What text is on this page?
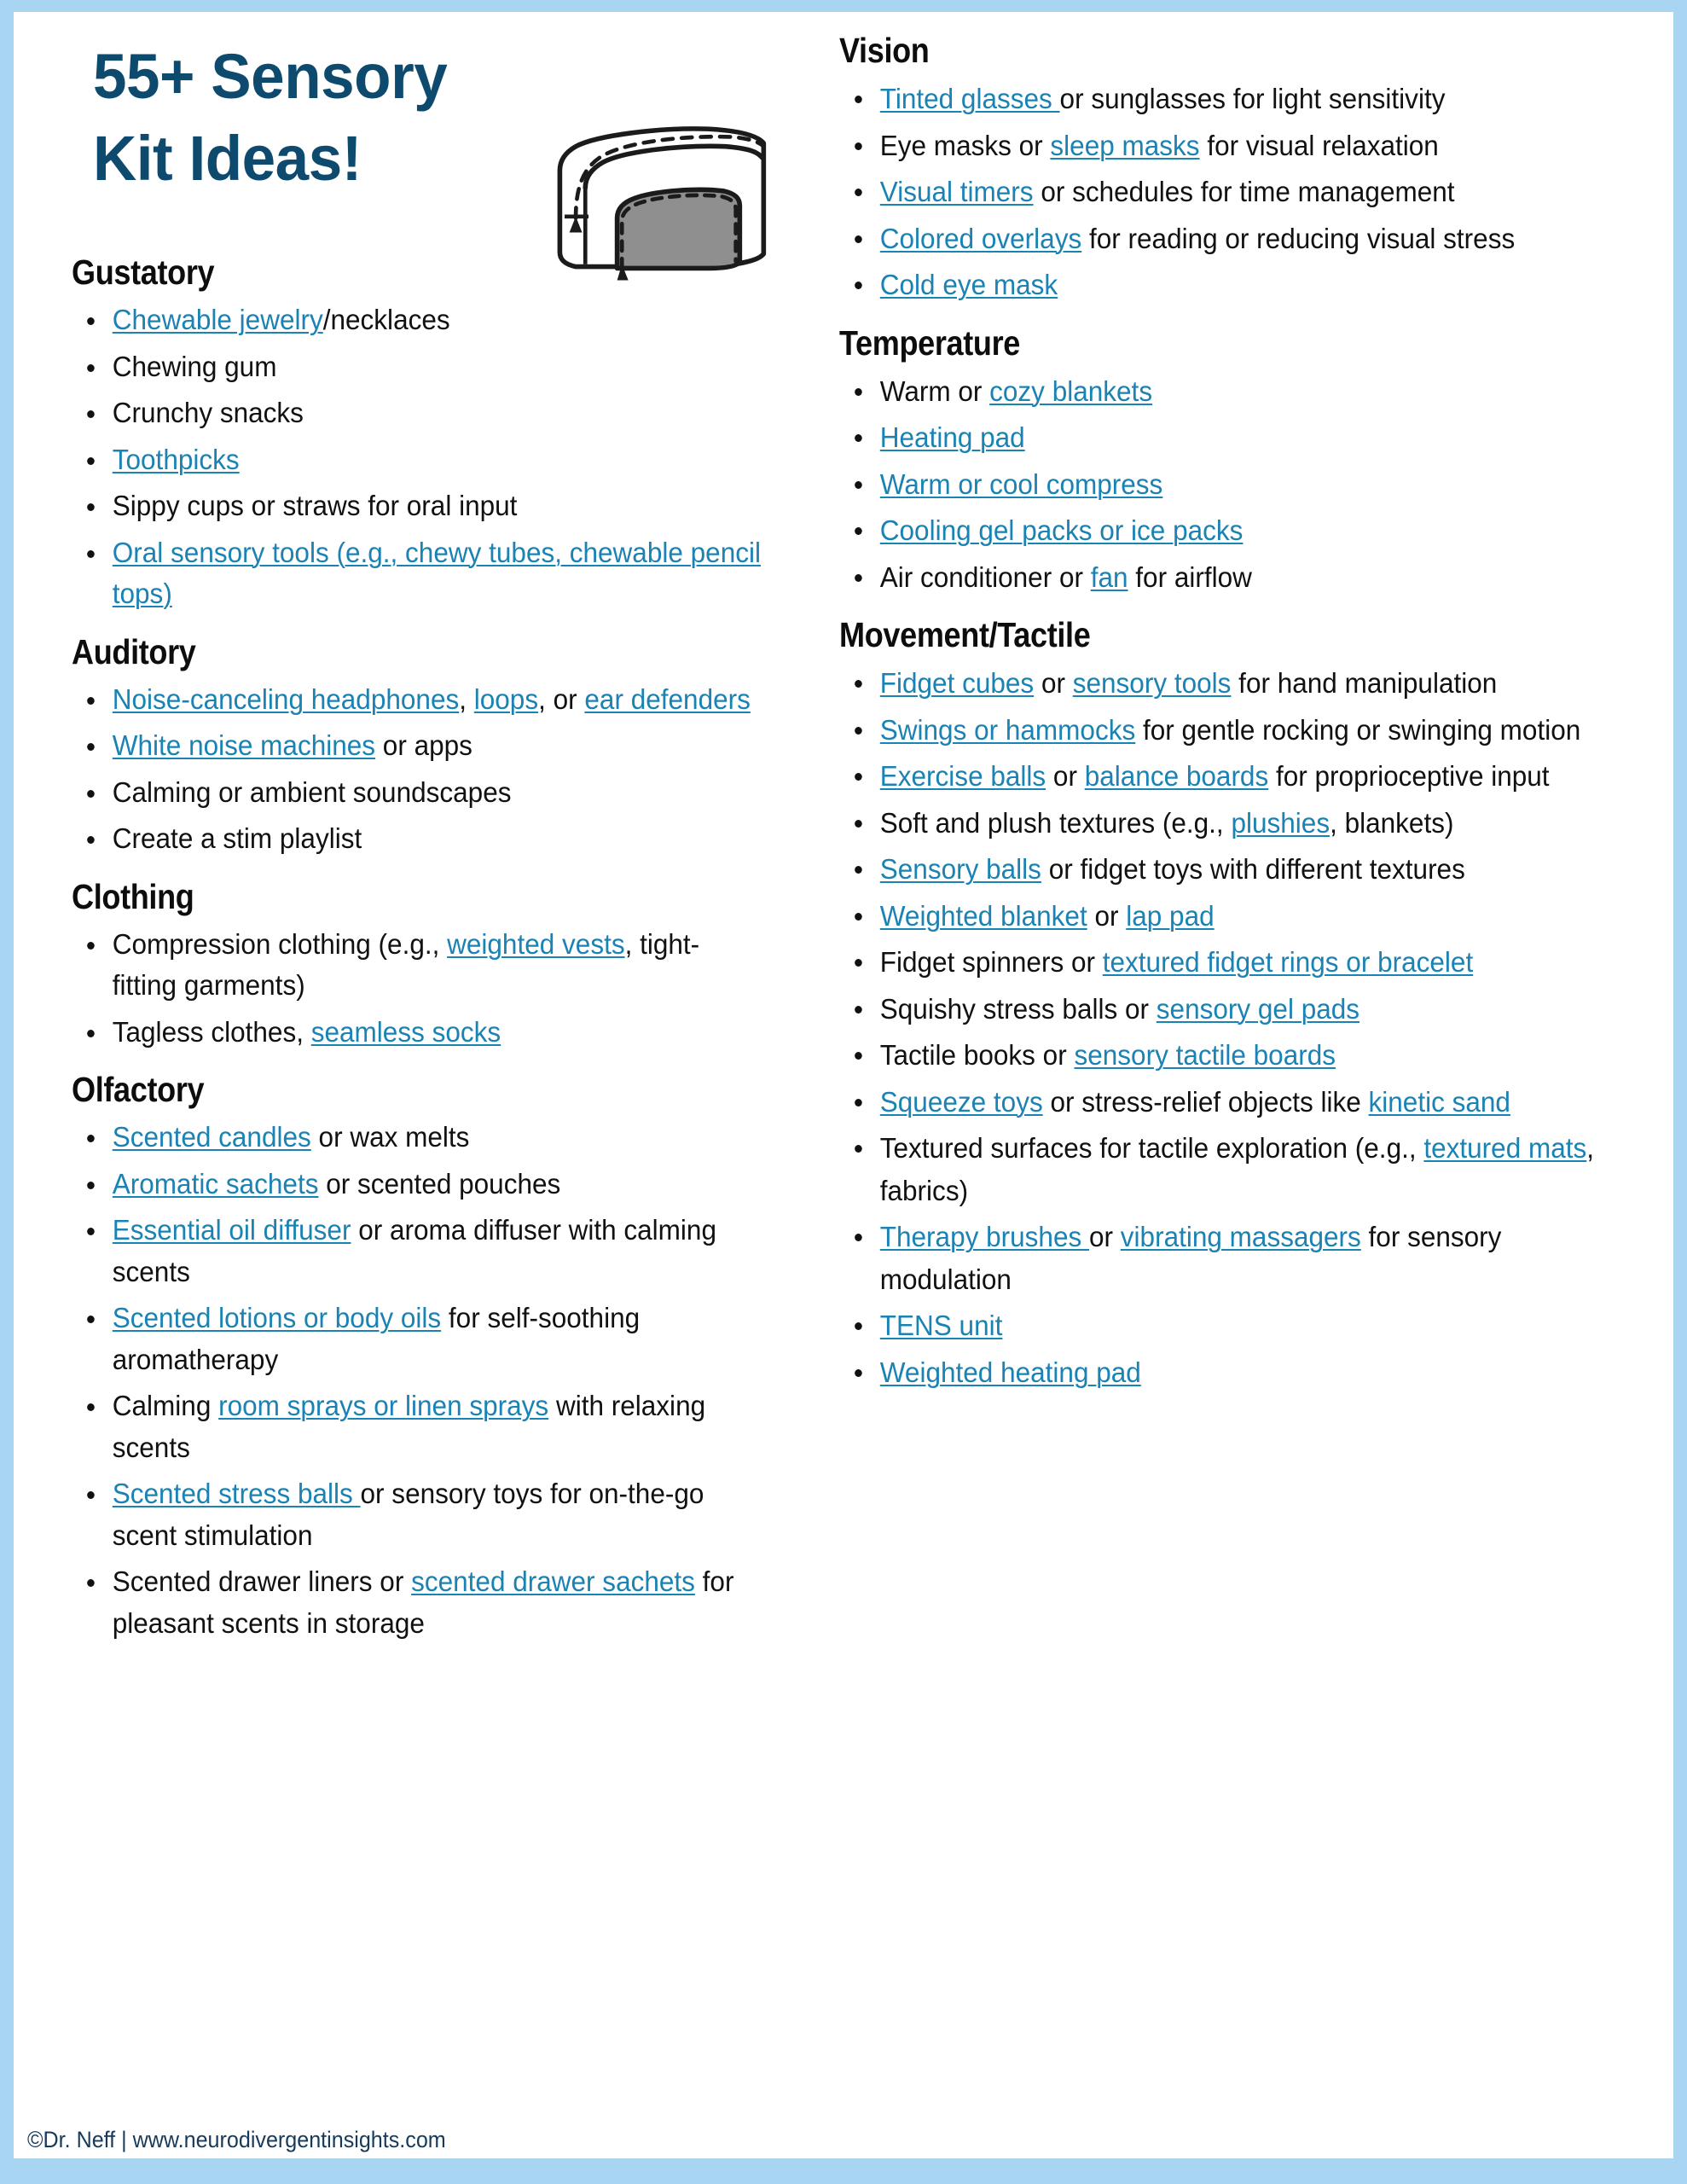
55+ Sensory
Kit Ideas!
Gustatory
Chewable jewelry/necklaces
Chewing gum
Crunchy snacks
Toothpicks
Sippy cups or straws for oral input
Oral sensory tools (e.g., chewy tubes, chewable pencil tops)
Auditory
Noise-canceling headphones, loops, or ear defenders
White noise machines or apps
Calming or ambient soundscapes
Create a stim playlist
Clothing
Compression clothing (e.g., weighted vests, tight-fitting garments)
Tagless clothes, seamless socks
Olfactory
Scented candles or wax melts
Aromatic sachets or scented pouches
Essential oil diffuser or aroma diffuser with calming scents
Scented lotions or body oils for self-soothing aromatherapy
Calming room sprays or linen sprays with relaxing scents
Scented stress balls or sensory toys for on-the-go scent stimulation
Scented drawer liners or scented drawer sachets for pleasant scents in storage
Vision
Tinted glasses or sunglasses for light sensitivity
Eye masks or sleep masks for visual relaxation
Visual timers or schedules for time management
Colored overlays for reading or reducing visual stress
Cold eye mask
Temperature
Warm or cozy blankets
Heating pad
Warm or cool compress
Cooling gel packs or ice packs
Air conditioner or fan for airflow
Movement/Tactile
Fidget cubes or sensory tools for hand manipulation
Swings or hammocks for gentle rocking or swinging motion
Exercise balls or balance boards for proprioceptive input
Soft and plush textures (e.g., plushies, blankets)
Sensory balls or fidget toys with different textures
Weighted blanket or lap pad
Fidget spinners or textured fidget rings or bracelet
Squishy stress balls or sensory gel pads
Tactile books or sensory tactile boards
Squeeze toys or stress-relief objects like kinetic sand
Textured surfaces for tactile exploration (e.g., textured mats, fabrics)
Therapy brushes or vibrating massagers for sensory modulation
TENS unit
Weighted heating pad
©Dr. Neff | www.neurodivergentinsights.com
